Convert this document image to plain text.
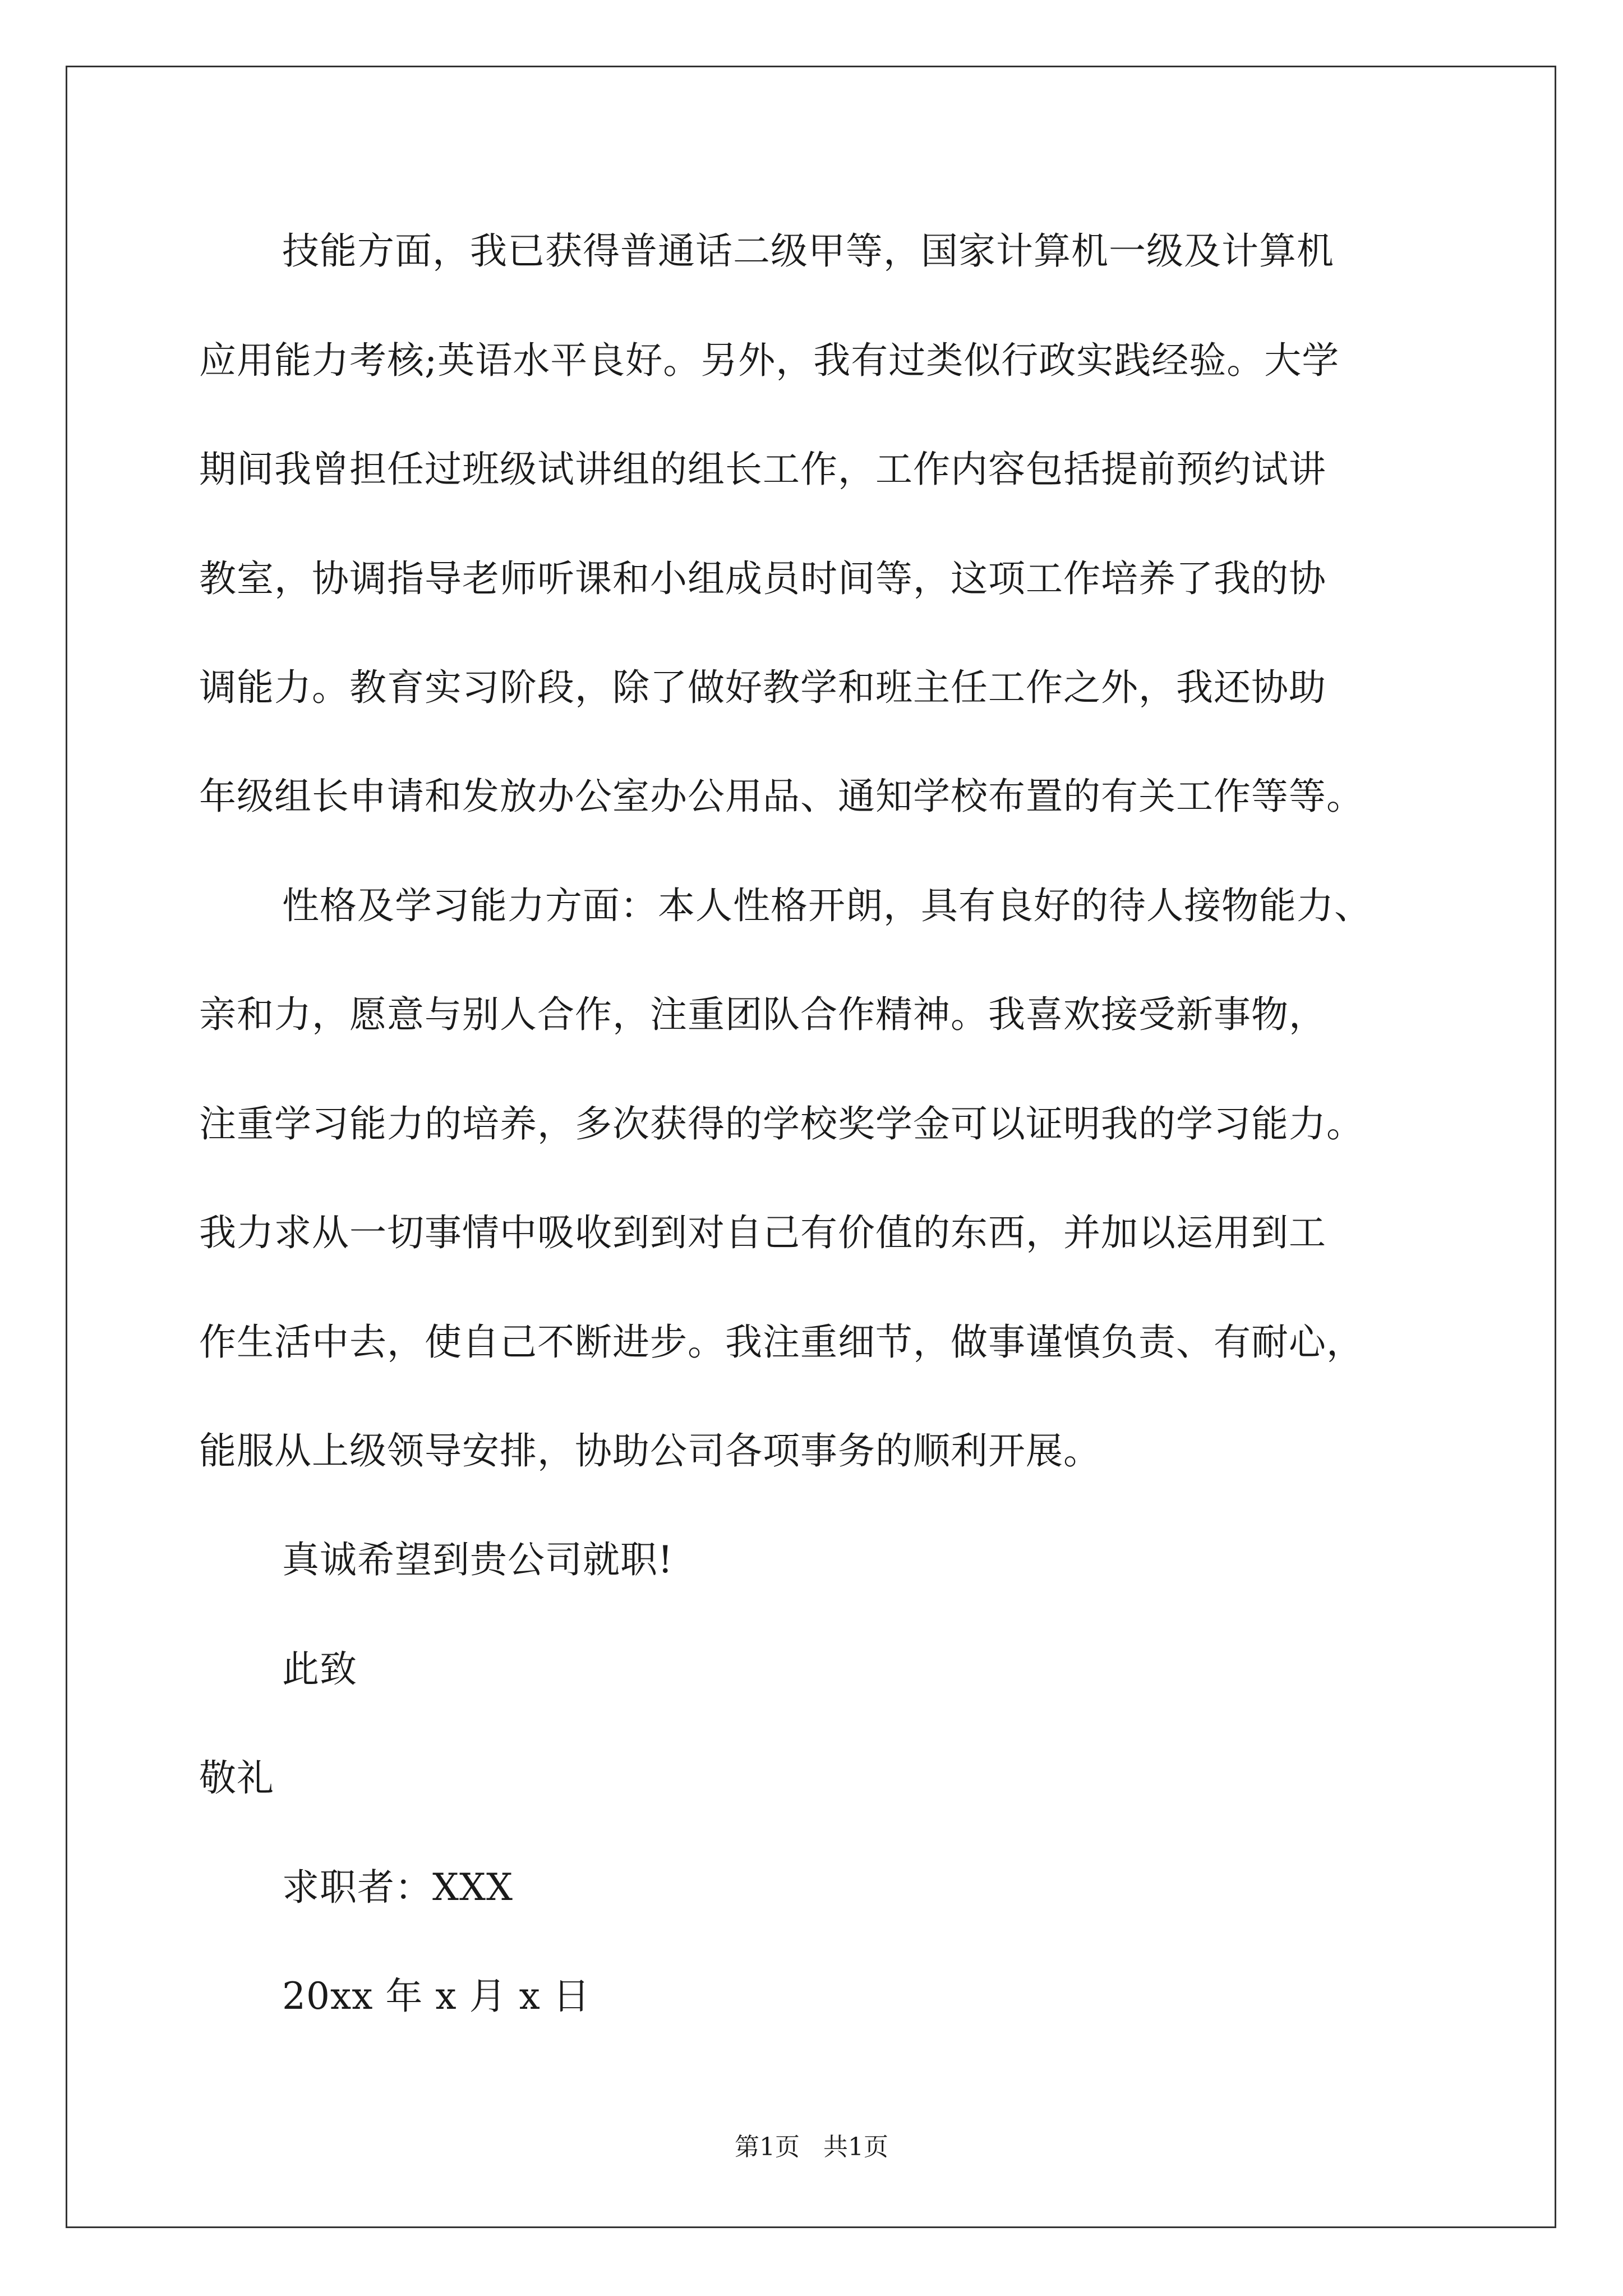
技能方面，我已获得普通话二级甲等，国家计算机一级及计算机
应用能力考核;英语水平良好。另外，我有过类似行政实践经验。大学
期间我曾担任过班级试讲组的组长工作，工作内容包括提前预约试讲
教室，协调指导老师听课和小组成员时间等，这项工作培养了我的协
调能力。教育实习阶段，除了做好教学和班主任工作之外，我还协助
年级组长申请和发放办公室办公用品、通知学校布置的有关工作等等。
性格及学习能力方面：本人性格开朗，具有良好的待人接物能力、
亲和力，愿意与别人合作，注重团队合作精神。我喜欢接受新事物，
注重学习能力的培养，多次获得的学校奖学金可以证明我的学习能力。
我力求从一切事情中吸收到到对自己有价值的东西，并加以运用到工
作生活中去，使自己不断进步。我注重细节，做事谨慎负责、有耐心，
能服从上级领导安排，协助公司各项事务的顺利开展。
真诚希望到贵公司就职!
此致
敬礼
求职者：XXX
20xx 年 x 月 x 日
第1页   共1页
